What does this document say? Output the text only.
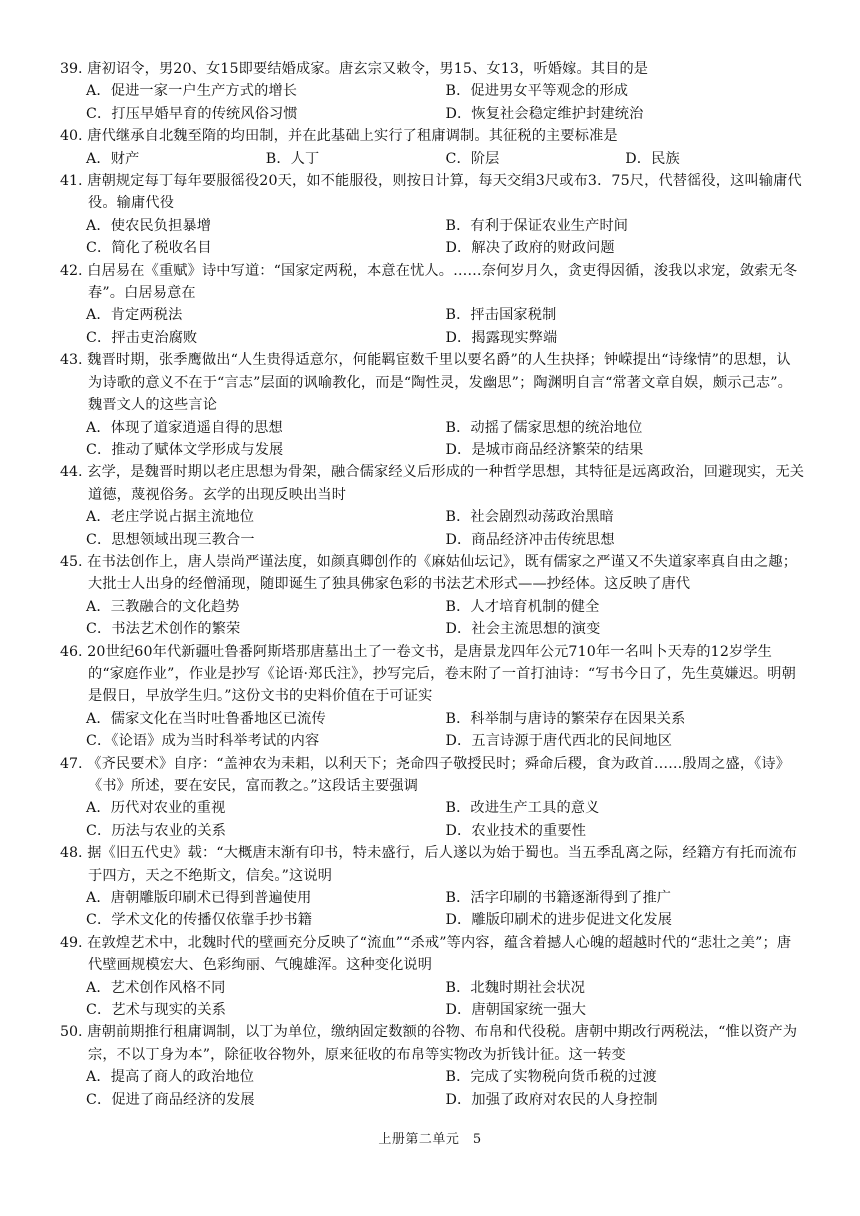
39. 唐初诏令，男20、女15即要结婚成家。唐玄宗又敕令，男15、女13，听婚嫁。其目的是

A．促进一家一户生产方式的增长	B．促进男女平等观念的形成
C．打压早婚早育的传统风俗习惯	D．恢复社会稳定维护封建统治

40. 唐代继承自北魏至隋的均田制，并在此基础上实行了租庸调制。其征税的主要标准是

A．财产	B．人丁	C．阶层	D．民族

41. 唐朝规定每丁每年要服徭役20天，如不能服役，则按日计算，每天交绢3尺或布3．75尺，代替徭役，这叫输庸代役。输庸代役

A．使农民负担暴增	B．有利于保证农业生产时间
C．简化了税收名目	D．解决了政府的财政问题

42. 白居易在《重赋》诗中写道：“国家定两税，本意在忧人。……奈何岁月久，贪吏得因循，浚我以求宠，敛索无冬春”。白居易意在

A．肯定两税法	B．抨击国家税制
C．抨击吏治腐败	D．揭露现实弊端

43. 魏晋时期，张季鹰做出“人生贵得适意尔，何能羁宦数千里以要名爵”的人生抉择；钟嵘提出“诗缘情”的思想，认为诗歌的意义不在于“言志”层面的讽喻教化，而是“陶性灵，发幽思”；陶渊明自言“常著文章自娱，颇示己志”。魏晋文人的这些言论

A．体现了道家逍遥自得的思想	B．动摇了儒家思想的统治地位
C．推动了赋体文学形成与发展	D．是城市商品经济繁荣的结果

44. 玄学，是魏晋时期以老庄思想为骨架，融合儒家经义后形成的一种哲学思想，其特征是远离政治，回避现实，无关道德，蔑视俗务。玄学的出现反映出当时

A．老庄学说占据主流地位	B．社会剧烈动荡政治黑暗
C．思想领域出现三教合一	D．商品经济冲击传统思想

45. 在书法创作上，唐人崇尚严谨法度，如颜真卿创作的《麻姑仙坛记》，既有儒家之严谨又不失道家率真自由之趣；大批士人出身的经僧涌现，随即诞生了独具佛家色彩的书法艺术形式——抄经体。这反映了唐代

A．三教融合的文化趋势	B．人才培育机制的健全
C．书法艺术创作的繁荣	D．社会主流思想的演变

46. 20世纪60年代新疆吐鲁番阿斯塔那唐墓出土了一卷文书，是唐景龙四年公元710年一名叫卜天寿的12岁学生的“家庭作业”，作业是抄写《论语·郑氏注》，抄写完后，卷末附了一首打油诗：“写书今日了，先生莫嫌迟。明朝是假日，早放学生归。”这份文书的史料价值在于可证实

A．儒家文化在当时吐鲁番地区已流传	B．科举制与唐诗的繁荣存在因果关系
C．《论语》成为当时科举考试的内容	D．五言诗源于唐代西北的民间地区

47. 《齐民要术》自序：“盖神农为耒耜，以利天下；尧命四子敬授民时；舜命后稷，食为政首……殷周之盛，《诗》《书》所述，要在安民，富而教之。”这段话主要强调

A．历代对农业的重视	B．改进生产工具的意义
C．历法与农业的关系	D．农业技术的重要性

48. 据《旧五代史》载：“大概唐末渐有印书，特未盛行，后人遂以为始于蜀也。当五季乱离之际，经籍方有托而流布于四方，天之不绝斯文，信矣。”这说明

A．唐朝雕版印刷术已得到普遍使用	B．活字印刷的书籍逐渐得到了推广
C．学术文化的传播仅依靠手抄书籍	D．雕版印刷术的进步促进文化发展

49. 在敦煌艺术中，北魏时代的壁画充分反映了“流血”“杀戒”等内容，蕴含着撼人心魄的超越时代的“悲壮之美”；唐代壁画规模宏大、色彩绚丽、气魄雄浑。这种变化说明

A．艺术创作风格不同	B．北魏时期社会状况
C．艺术与现实的关系	D．唐朝国家统一强大

50. 唐朝前期推行租庸调制，以丁为单位，缴纳固定数额的谷物、布帛和代役税。唐朝中期改行两税法，“惟以资产为宗，不以丁身为本”，除征收谷物外，原来征收的布帛等实物改为折钱计征。这一转变

A．提高了商人的政治地位	B．完成了实物税向货币税的过渡
C．促进了商品经济的发展	D．加强了政府对农民的人身控制
上册第二单元　5
